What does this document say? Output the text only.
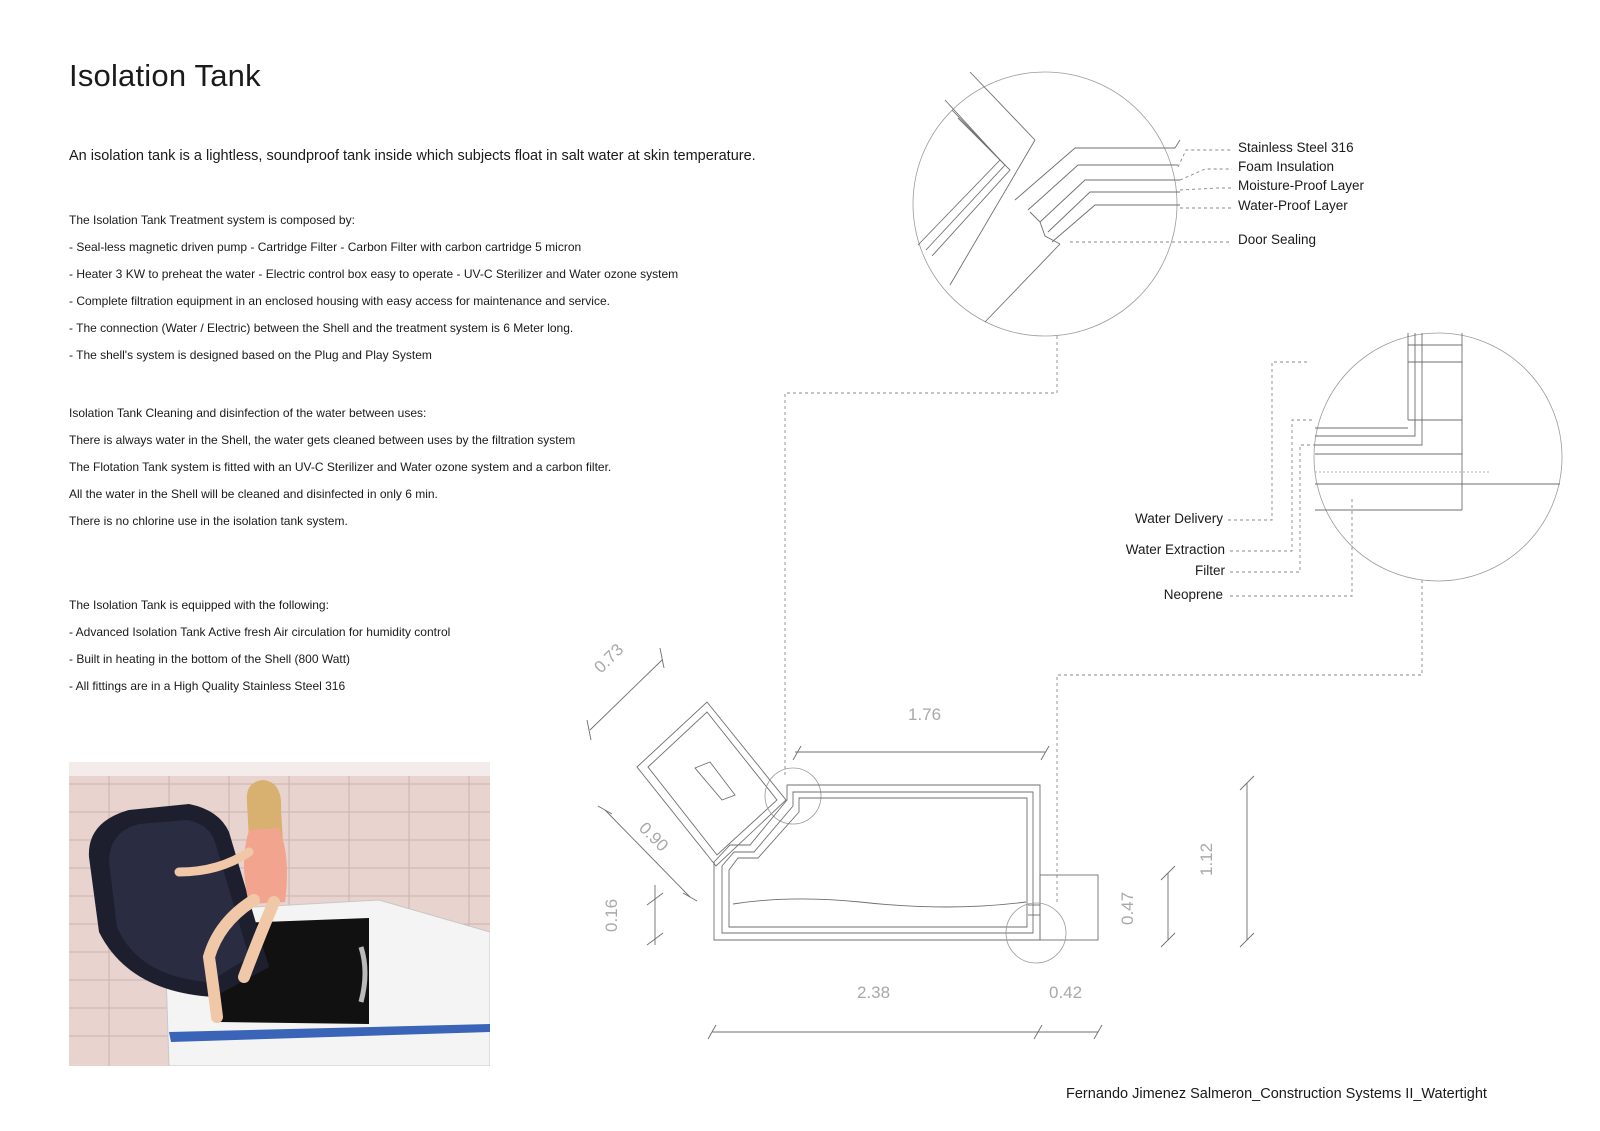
Isolation Tank

An isolation tank is a lightless, soundproof tank inside which subjects float in salt water at skin temperature.

The Isolation Tank Treatment system is composed by:
- Seal-less magnetic driven pump - Cartridge Filter - Carbon Filter with carbon cartridge 5 micron
- Heater 3 KW to preheat the water - Electric control box easy to operate - UV-C Sterilizer and Water ozone system
- Complete filtration equipment in an enclosed housing with easy access for maintenance and service.
- The connection (Water / Electric) between the Shell and the treatment system is 6 Meter long.
- The shell's system is designed based on the Plug and Play System
Isolation Tank Cleaning and disinfection of the water between uses:
There is always water in the Shell, the water gets cleaned between uses by the filtration system
The Flotation Tank system is fitted with an UV-C Sterilizer and Water ozone system and a carbon filter.
All the water in the Shell will be cleaned and disinfected in only 6 min.
There is no chlorine use in the isolation tank system.
The Isolation Tank is equipped with the following:
- Advanced Isolation Tank Active fresh Air circulation for humidity control
- Built in heating in the bottom of the Shell (800 Watt)
- All fittings are in a High Quality Stainless Steel 316
Stainless Steel 316
Foam Insulation
Moisture-Proof Layer
Water-Proof Layer
Door Sealing
Water Delivery
Water Extraction
Filter
Neoprene
0.73
1.76
0.90
0.16	0.47
1.12
2.38	0.42
Fernando Jimenez Salmeron_Construction Systems II_Watertight
